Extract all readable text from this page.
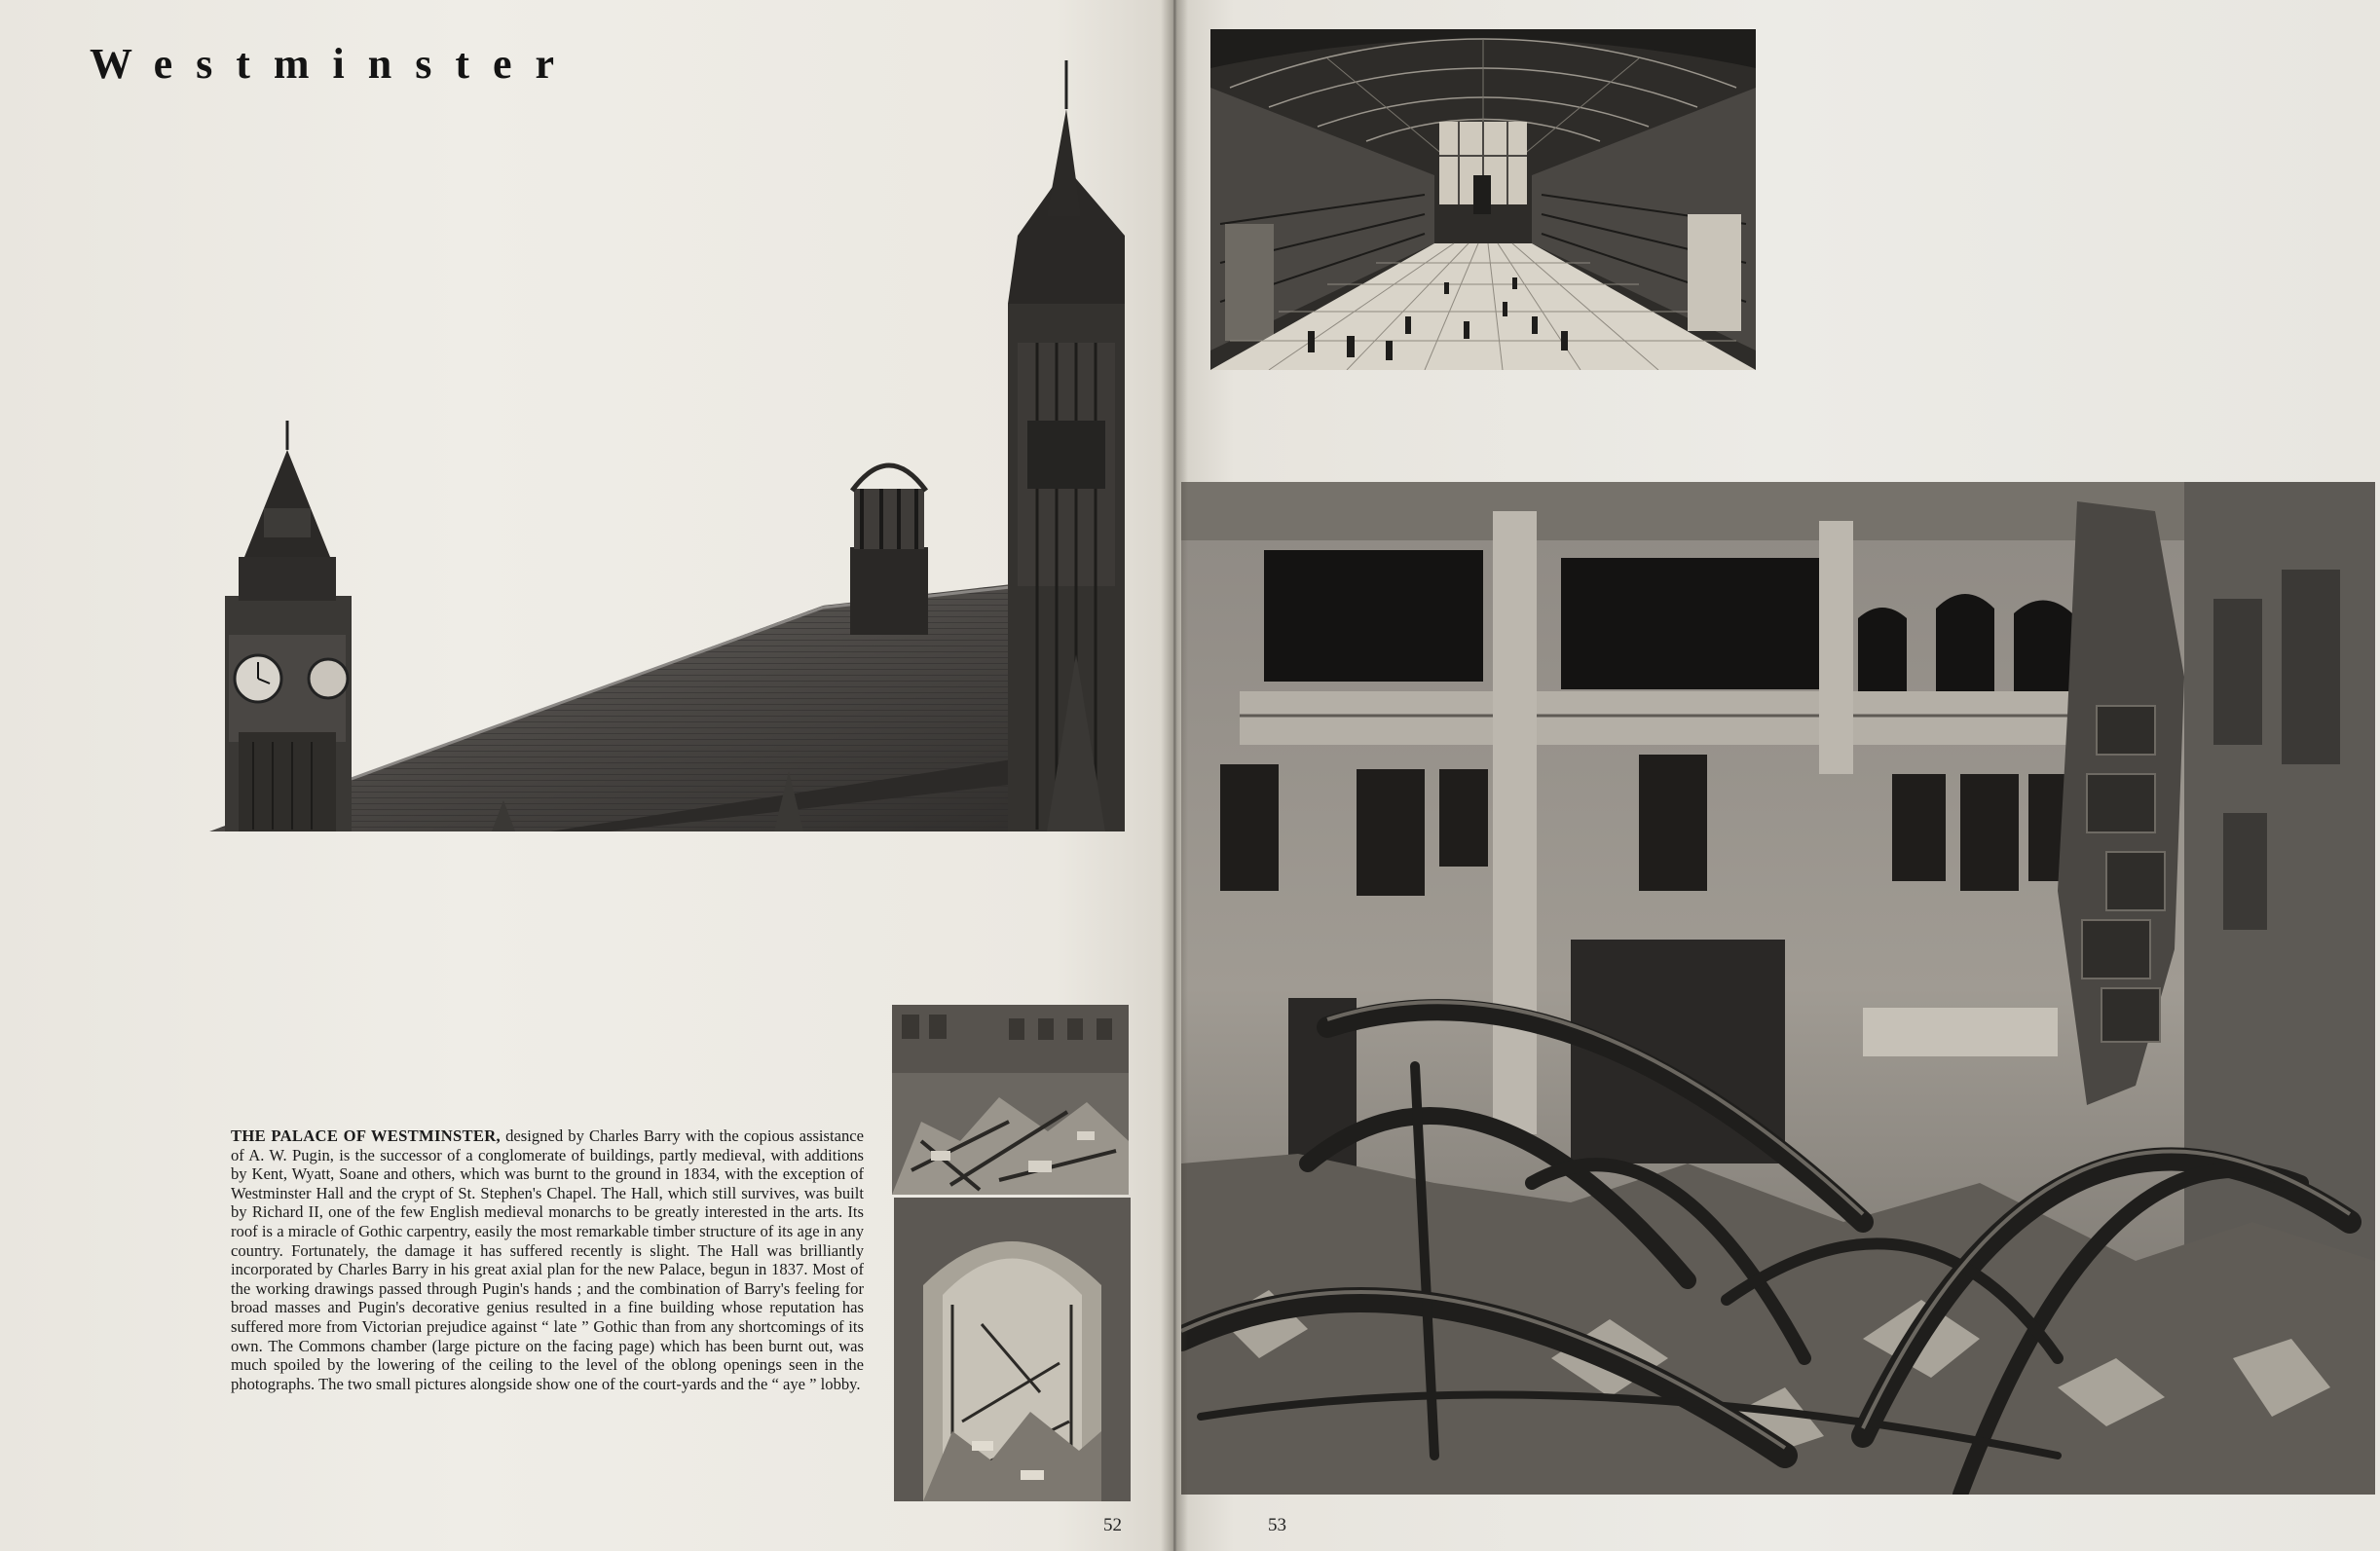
Westminster

THE PALACE OF WESTMINSTER, designed by Charles Barry with the copious assistance of A. W. Pugin, is the successor of a conglomerate of buildings, partly medieval, with additions by Kent, Wyatt, Soane and others, which was burnt to the ground in 1834, with the exception of Westminster Hall and the crypt of St. Stephen's Chapel. The Hall, which still survives, was built by Richard II, one of the few English medieval monarchs to be greatly interested in the arts. Its roof is a miracle of Gothic carpentry, easily the most remarkable timber structure of its age in any country. Fortunately, the damage it has suffered recently is slight. The Hall was brilliantly incorporated by Charles Barry in his great axial plan for the new Palace, begun in 1837. Most of the working drawings passed through Pugin's hands ; and the combination of Barry's feeling for broad masses and Pugin's decorative genius resulted in a fine building whose reputation has suffered more from Victorian prejudice against “ late ” Gothic than from any shortcomings of its own. The Commons chamber (large picture on the facing page) which has been burnt out, was much spoiled by the lowering of the ceiling to the level of the oblong openings seen in the photographs. The two small pictures alongside show one of the court-yards and the “ aye ” lobby.

52	53
